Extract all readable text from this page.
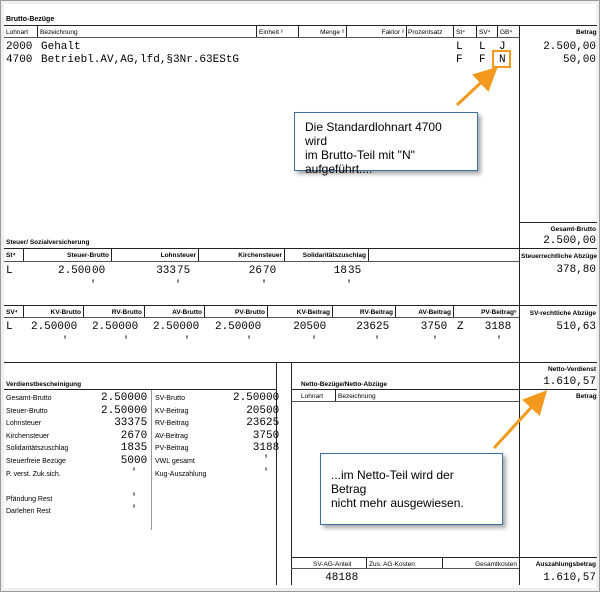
Brutto-Bezüge
Lohnart Bezeichnung	Einheit ²	Menge ²	Faktor ² Prozentsatz St⁴ SV⁴ GB⁴	Betrag
2000 Gehalt	L L J	2.500,00
4700 Betriebl.AV,AG,lfd,§3Nr.63EStG	F F N	50,00
Gesamt-Brutto
2.500,00
Steuer/ Sozialversicherung
St⁴	Steuer-Brutto	Lohnsteuer	Kirchensteuer	Solidaritätszuschlag
L	2.500 00	333 75	26 70	18 35
'	'	'	'
Steuerrechtliche Abzüge
378,80
SV⁴	KV-Brutto	RV-Brutto	AV-Brutto	PV-Brutto	KV-Beitrag	RV-Beitrag	AV-Beitrag	PV-Beitrag⁵
L	2.500 00	2.500 00	2.500 00	2.500 00	205 00	236 25	37 50 Z	31 88
'	'	'	'	'	'	'	'
SV-rechtliche Abzüge
510,63
Netto-Verdienst
1.610,57
Verdienstbescheinigung
Gesamt-Brutto	2.500 00
Steuer-Brutto	2.500 00
Lohnsteuer	333 75
Kirchensteuer	26 70
Solidaritätszuschlag	18 35
Steuerfreie Bezüge	50 00
P. verst. Zuk.sich.	'
Pfändung Rest	'
Darlehen Rest	'
SV-Brutto	2.500 00
KV-Beitrag	205 00
RV-Beitrag	236 25
AV-Beitrag	37 50
PV-Beitrag	31 88
VWL gesamt	'
Kug-Auszahlung	'
Netto-Bezüge/Netto-Abzüge
Lohnart Bezeichnung	Betrag
SV-AG-Anteil	Zus. AG-Kosten	Gesamtkosten
481 88
Auszahlungsbetrag
1.610,57
Die Standardlohnart 4700 wird
im Brutto-Teil mit "N"
aufgeführt....
...im Netto-Teil wird der Betrag
nicht mehr ausgewiesen.
